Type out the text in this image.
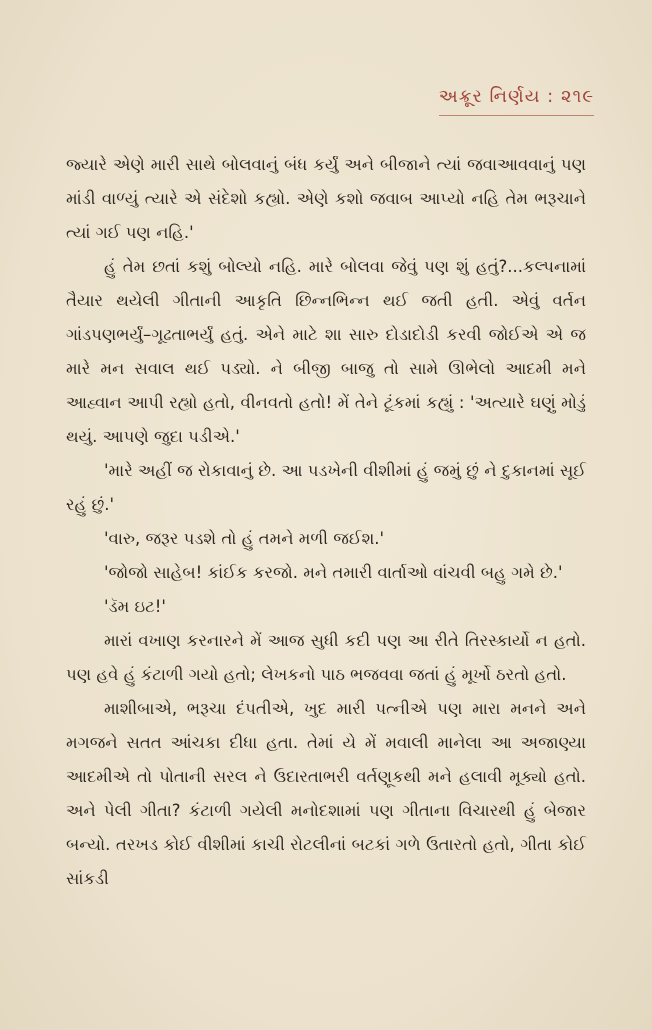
અક્રૂર નિર્ણય : ૨૧૯

જ્યારે એણે મારી સાથે બોલવાનું બંધ કર્યું અને બીજાને ત્યાં જવાઆવવાનું પણ માંડી વાળ્યું ત્યારે એ સંદેશો કહ્યો. એણે કશો જવાબ આપ્યો નહિ તેમ ભરૂચાને ત્યાં ગઈ પણ નહિ.'

હું તેમ છતાં કશું બોલ્યો નહિ. મારે બોલવા જેવું પણ શું હતું?...કલ્પનામાં તૈયાર થયેલી ગીતાની આકૃતિ છિન્નભિન્ન થઈ જતી હતી. એવું વર્તન ગાંડપણભર્યું–ગૂઢતાભર્યું હતું. એને માટે શા સારુ દોડાદોડી કરવી જોઈએ એ જ મારે મન સવાલ થઈ પડ્યો. ને બીજી બાજુ તો સામે ઊભેલો આદમી મને આહ્વાન આપી રહ્યો હતો, વીનવતો હતો! મેં તેને ટૂંકમાં કહ્યું : 'અત્યારે ઘણું મોડું થયું. આપણે જુદા પડીએ.'

'મારે અહીં જ રોકાવાનું છે. આ પડખેની વીશીમાં હું જમું છું ને દુકાનમાં સૂઈ રહું છું.'

'વારુ, જરૂર પડશે તો હું તમને મળી જઈશ.'

'જોજો સાહેબ! કાંઈક કરજો. મને તમારી વાર્તાઓ વાંચવી બહુ ગમે છે.'

'ડૅમ ઇટ!'

મારાં વખાણ કરનારને મેં આજ સુધી કદી પણ આ રીતે તિરસ્કાર્યો ન હતો. પણ હવે હું કંટાળી ગયો હતો; લેખકનો પાઠ ભજવવા જતાં હું મૂર્ખો ઠરતો હતો.

માશીબાએ, ભરૂચા દંપતીએ, ખુદ મારી પત્નીએ પણ મારા મનને અને મગજને સતત આંચકા દીધા હતા. તેમાં યે મેં મવાલી માનેલા આ અજાણ્યા આદમીએ તો પોતાની સરલ ને ઉદારતાભરી વર્તણૂકથી મને હલાવી મૂક્યો હતો. અને પેલી ગીતા? કંટાળી ગયેલી મનોદશામાં પણ ગીતાના વિચારથી હું બેજાર બન્યો. તરખડ કોઈ વીશીમાં કાચી રોટલીનાં બટકાં ગળે ઉતારતો હતો, ગીતા કોઈ સાંકડી
